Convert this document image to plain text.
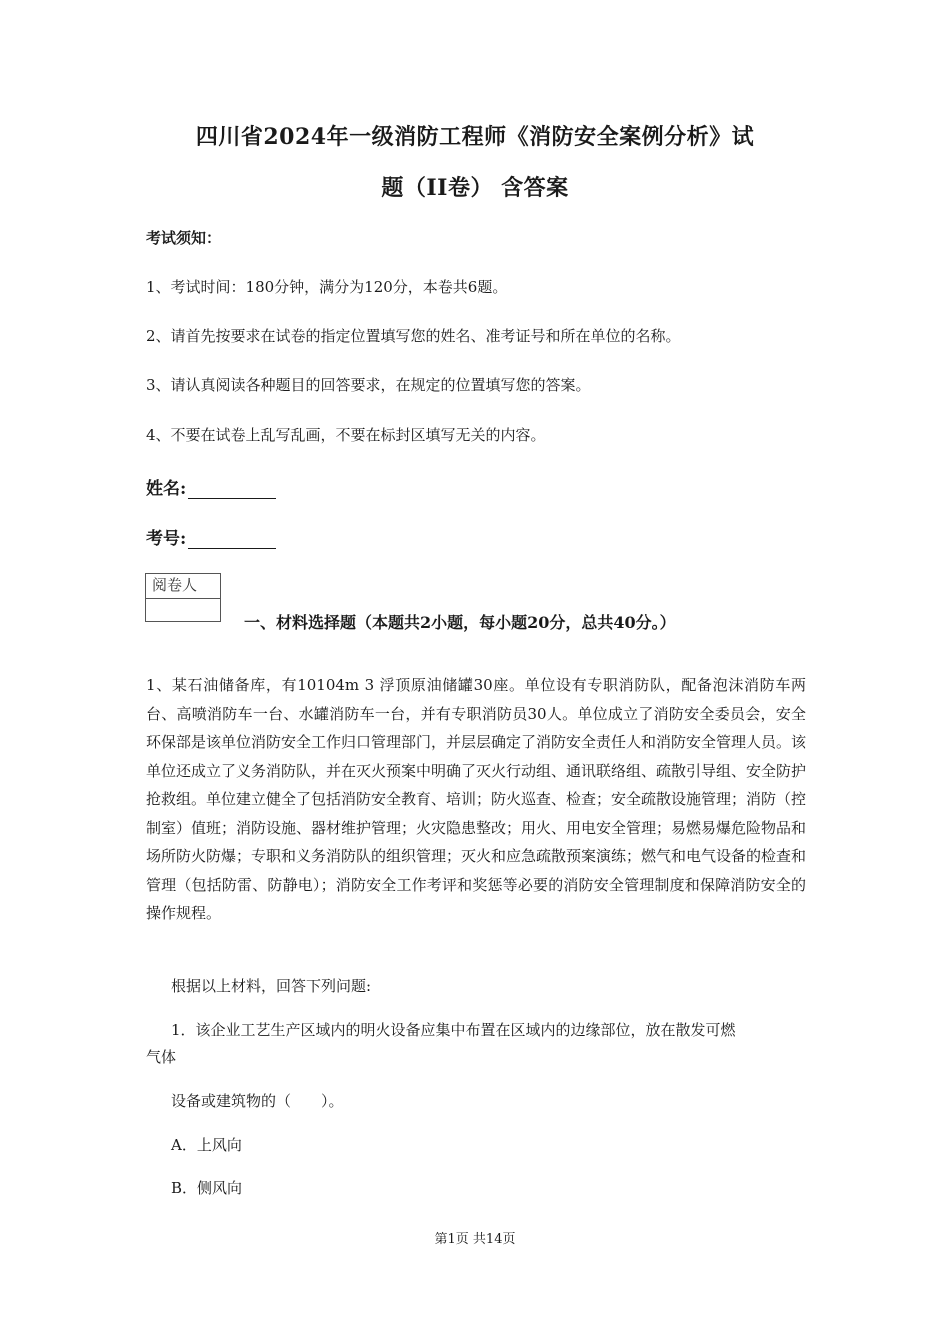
四川省2024年一级消防工程师《消防安全案例分析》试
题（II卷） 含答案
考试须知：
1、考试时间：180分钟，满分为120分，本卷共6题。
2、请首先按要求在试卷的指定位置填写您的姓名、准考证号和所在单位的名称。
3、请认真阅读各种题目的回答要求，在规定的位置填写您的答案。
4、不要在试卷上乱写乱画，不要在标封区填写无关的内容。
姓名:
考号:
阅卷人
一、材料选择题（本题共2小题，每小题20分，总共40分。）
1、某石油储备库，有10104m 3 浮顶原油储罐30座。单位设有专职消防队，配备泡沫消防车两台、高喷消防车一台、水罐消防车一台，并有专职消防员30人。单位成立了消防安全委员会，安全环保部是该单位消防安全工作归口管理部门，并层层确定了消防安全责任人和消防安全管理人员。该单位还成立了义务消防队，并在灭火预案中明确了灭火行动组、通讯联络组、疏散引导组、安全防护抢救组。单位建立健全了包括消防安全教育、培训；防火巡查、检查；安全疏散设施管理；消防（控制室）值班；消防设施、器材维护管理；火灾隐患整改；用火、用电安全管理；易燃易爆危险物品和场所防火防爆；专职和义务消防队的组织管理；灭火和应急疏散预案演练；燃气和电气设备的检查和管理（包括防雷、防静电）；消防安全工作考评和奖惩等必要的消防安全管理制度和保障消防安全的操作规程。
根据以上材料，回答下列问题:
1．该企业工艺生产区域内的明火设备应集中布置在区域内的边缘部位，放在散发可燃
气体
设备或建筑物的（　　）。
A．上风向
B．侧风向
第1页 共14页
